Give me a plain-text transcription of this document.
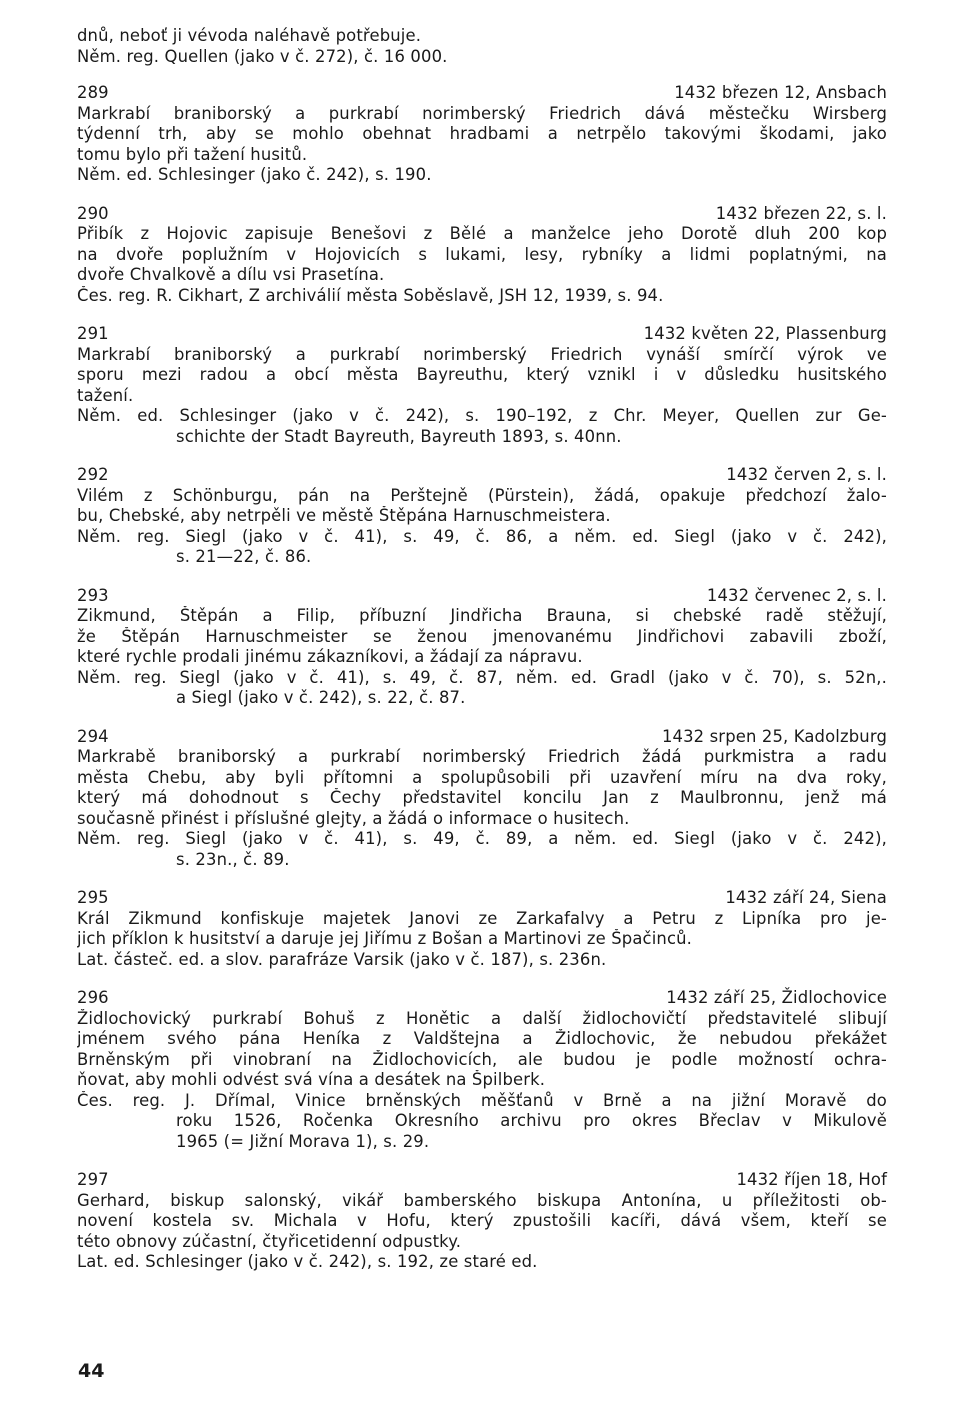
dnů, neboť ji vévoda naléhavě potřebuje.
Něm. reg. Quellen (jako v č. 272), č. 16 000.
289	1432 březen 12, Ansbach
Markrabí braniborský a purkrabí norimberský Friedrich dává městečku Wirsberg
týdenní trh, aby se mohlo obehnat hradbami a netrpělo takovými škodami, jako
tomu bylo při tažení husitů.
Něm. ed. Schlesinger (jako č. 242), s. 190.
290	1432 březen 22, s. l.
Přibík z Hojovic zapisuje Benešovi z Bělé a manželce jeho Dorotě dluh 200 kop
na dvoře poplužním v Hojovicích s lukami, lesy, rybníky a lidmi poplatnými, na
dvoře Chvalkově a dílu vsi Prasetína.
Čes. reg. R. Cikhart, Z archiválií města Soběslavě, JSH 12, 1939, s. 94.
291	1432 květen 22, Plassenburg
Markrabí braniborský a purkrabí norimberský Friedrich vynáší smírčí výrok ve
sporu mezi radou a obcí města Bayreuthu, který vznikl i v důsledku husitského
tažení.
Něm. ed. Schlesinger (jako v č. 242), s. 190–192, z Chr. Meyer, Quellen zur Ge-
schichte der Stadt Bayreuth, Bayreuth 1893, s. 40nn.
292	1432 červen 2, s. l.
Vilém z Schönburgu, pán na Perštejně (Pürstein), žádá, opakuje předchozí žalo-
bu, Chebské, aby netrpěli ve městě Štěpána Harnuschmeistera.
Něm. reg. Siegl (jako v č. 41), s. 49, č. 86, a něm. ed. Siegl (jako v č. 242),
s. 21—22, č. 86.
293	1432 červenec 2, s. l.
Zikmund, Štěpán a Filip, příbuzní Jindřicha Brauna, si chebské radě stěžují,
že Štěpán Harnuschmeister se ženou jmenovanému Jindřichovi zabavili zboží,
které rychle prodali jinému zákazníkovi, a žádají za nápravu.
Něm. reg. Siegl (jako v č. 41), s. 49, č. 87, něm. ed. Gradl (jako v č. 70), s. 52n,.
a Siegl (jako v č. 242), s. 22, č. 87.
294	1432 srpen 25, Kadolzburg
Markrabě braniborský a purkrabí norimberský Friedrich žádá purkmistra a radu
města Chebu, aby byli přítomni a spolupůsobili při uzavření míru na dva roky,
který má dohodnout s Čechy představitel koncilu Jan z Maulbronnu, jenž má
současně přinést i příslušné glejty, a žádá o informace o husitech.
Něm. reg. Siegl (jako v č. 41), s. 49, č. 89, a něm. ed. Siegl (jako v č. 242),
s. 23n., č. 89.
295	1432 září 24, Siena
Král Zikmund konfiskuje majetek Janovi ze Zarkafalvy a Petru z Lipníka pro je-
jich příklon k husitství a daruje jej Jiřímu z Bošan a Martinovi ze Špačinců.
Lat. částeč. ed. a slov. parafráze Varsik (jako v č. 187), s. 236n.
296	1432 září 25, Židlochovice
Židlochovický purkrabí Bohuš z Honětic a další židlochovičtí představitelé slibují
jménem svého pána Heníka z Valdštejna a Židlochovic, že nebudou překážet
Brněnským při vinobraní na Židlochovicích, ale budou je podle možností ochra-
ňovat, aby mohli odvést svá vína a desátek na Špilberk.
Čes. reg. J. Dřímal, Vinice brněnských měšťanů v Brně a na jižní Moravě do
roku 1526, Ročenka Okresního archivu pro okres Břeclav v Mikulově
1965 (= Jižní Morava 1), s. 29.
297	1432 říjen 18, Hof
Gerhard, biskup salonský, vikář bamberského biskupa Antonína, u příležitosti ob-
novení kostela sv. Michala v Hofu, který zpustošili kacíři, dává všem, kteří se
této obnovy zúčastní, čtyřicetidenní odpustky.
Lat. ed. Schlesinger (jako v č. 242), s. 192, ze staré ed.
44
